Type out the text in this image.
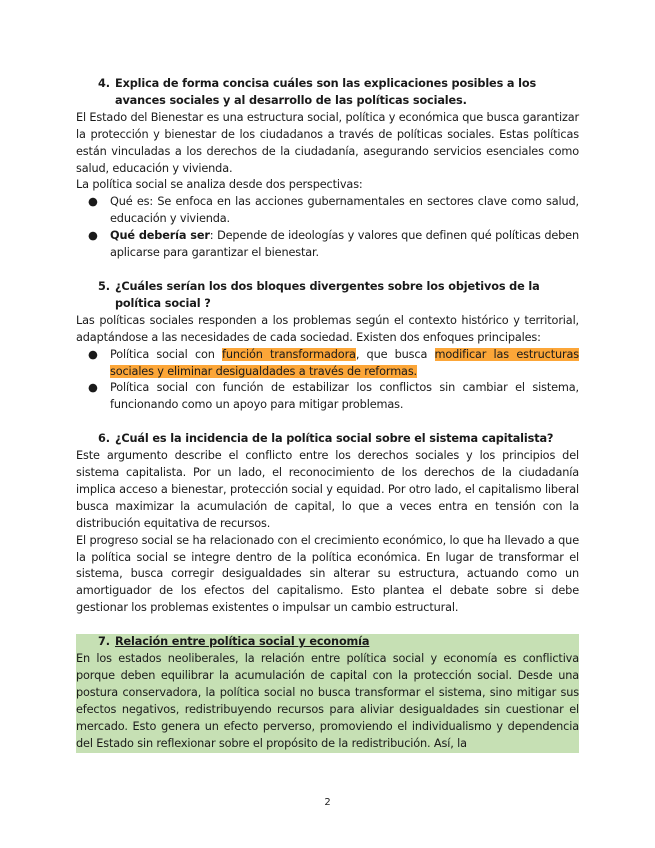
4. Explica de forma concisa cuáles son las explicaciones posibles a los avances sociales y al desarrollo de las políticas sociales.

El Estado del Bienestar es una estructura social, política y económica que busca garantizar la protección y bienestar de los ciudadanos a través de políticas sociales. Estas políticas están vinculadas a los derechos de la ciudadanía, asegurando servicios esenciales como salud, educación y vivienda.

La política social se analiza desde dos perspectivas:

●	Qué es: Se enfoca en las acciones gubernamentales en sectores clave como salud, educación y vivienda.
●	Qué debería ser: Depende de ideologías y valores que definen qué políticas deben aplicarse para garantizar el bienestar.
5. ¿Cuáles serían los dos bloques divergentes sobre los objetivos de la política social ?

Las políticas sociales responden a los problemas según el contexto histórico y territorial, adaptándose a las necesidades de cada sociedad. Existen dos enfoques principales:

●	Política social con función transformadora, que busca modificar las estructuras sociales y eliminar desigualdades a través de reformas.
●	Política social con función de estabilizar los conflictos sin cambiar el sistema, funcionando como un apoyo para mitigar problemas.
6. ¿Cuál es la incidencia de la política social sobre el sistema capitalista?

Este argumento describe el conflicto entre los derechos sociales y los principios del sistema capitalista. Por un lado, el reconocimiento de los derechos de la ciudadanía implica acceso a bienestar, protección social y equidad. Por otro lado, el capitalismo liberal busca maximizar la acumulación de capital, lo que a veces entra en tensión con la distribución equitativa de recursos.

El progreso social se ha relacionado con el crecimiento económico, lo que ha llevado a que la política social se integre dentro de la política económica. En lugar de transformar el sistema, busca corregir desigualdades sin alterar su estructura, actuando como un amortiguador de los efectos del capitalismo. Esto plantea el debate sobre si debe gestionar los problemas existentes o impulsar un cambio estructural.

7. Relación entre política social y economía

En los estados neoliberales, la relación entre política social y economía es conflictiva porque deben equilibrar la acumulación de capital con la protección social. Desde una postura conservadora, la política social no busca transformar el sistema, sino mitigar sus efectos negativos, redistribuyendo recursos para aliviar desigualdades sin cuestionar el mercado. Esto genera un efecto perverso, promoviendo el individualismo y dependencia del Estado sin reflexionar sobre el propósito de la redistribución. Así, la

2
